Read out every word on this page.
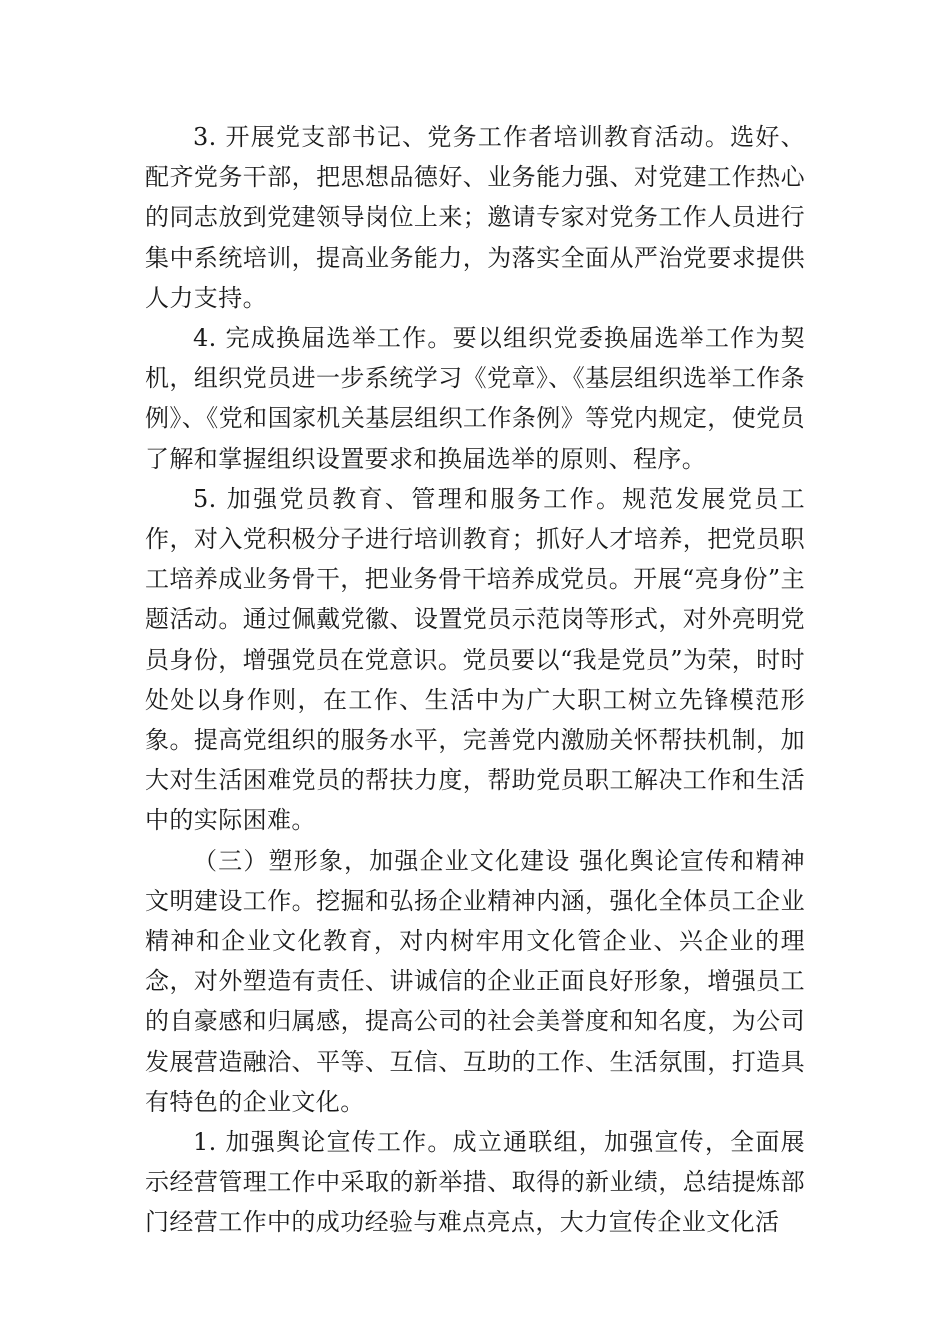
3. 开展党支部书记、党务工作者培训教育活动。选好、配齐党务干部，把思想品德好、业务能力强、对党建工作热心的同志放到党建领导岗位上来；邀请专家对党务工作人员进行集中系统培训，提高业务能力，为落实全面从严治党要求提供人力支持。

4. 完成换届选举工作。要以组织党委换届选举工作为契机，组织党员进一步系统学习《党章》、《基层组织选举工作条例》、《党和国家机关基层组织工作条例》等党内规定，使党员了解和掌握组织设置要求和换届选举的原则、程序。

5. 加强党员教育、管理和服务工作。规范发展党员工作，对入党积极分子进行培训教育；抓好人才培养，把党员职工培养成业务骨干，把业务骨干培养成党员。开展“亮身份”主题活动。通过佩戴党徽、设置党员示范岗等形式，对外亮明党员身份，增强党员在党意识。党员要以“我是党员”为荣，时时处处以身作则，在工作、生活中为广大职工树立先锋模范形象。提高党组织的服务水平，完善党内激励关怀帮扶机制，加大对生活困难党员的帮扶力度，帮助党员职工解决工作和生活中的实际困难。

（三）塑形象，加强企业文化建设 强化舆论宣传和精神文明建设工作。挖掘和弘扬企业精神内涵，强化全体员工企业精神和企业文化教育，对内树牢用文化管企业、兴企业的理念，对外塑造有责任、讲诚信的企业正面良好形象，增强员工的自豪感和归属感，提高公司的社会美誉度和知名度，为公司发展营造融洽、平等、互信、互助的工作、生活氛围，打造具有特色的企业文化。

1. 加强舆论宣传工作。成立通联组，加强宣传，全面展示经营管理工作中采取的新举措、取得的新业绩，总结提炼部门经营工作中的成功经验与难点亮点，大力宣传企业文化活
